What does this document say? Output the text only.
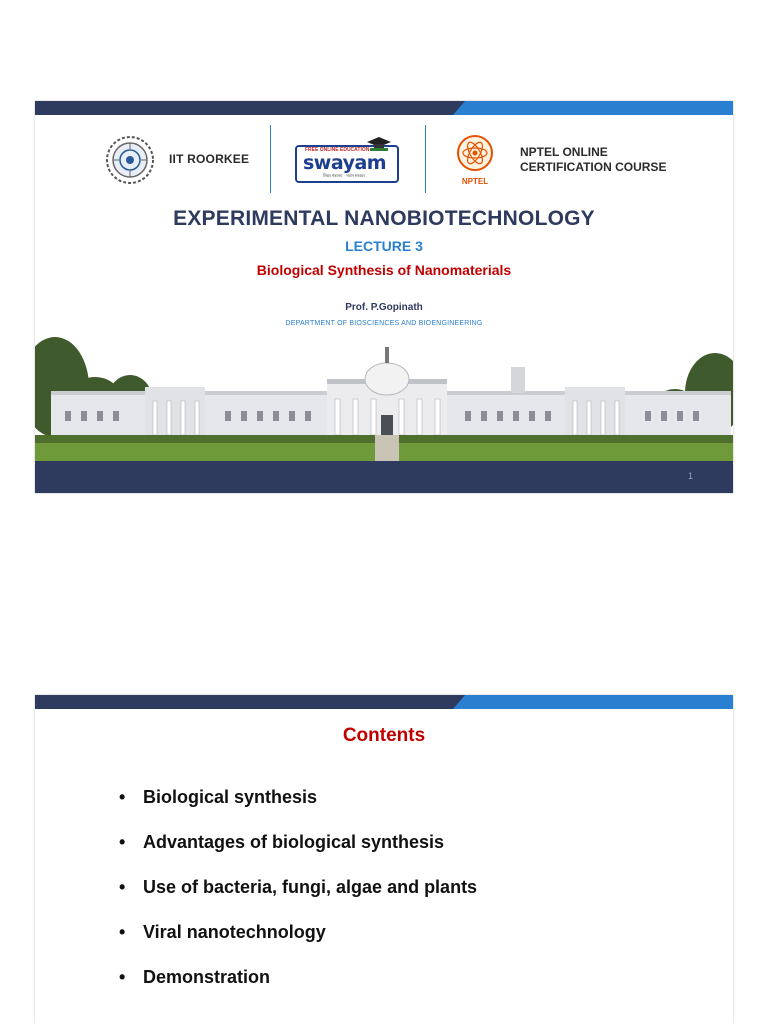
IIT ROORKEE
FREE ONLINE EDUCATION
swayam
शिक्षा मंत्रालय · भारत सरकार
NPTEL
NPTEL ONLINE
CERTIFICATION COURSE
EXPERIMENTAL NANOBIOTECHNOLOGY
LECTURE 3
Biological Synthesis of Nanomaterials
Prof. P.Gopinath
DEPARTMENT OF BIOSCIENCES AND BIOENGINEERING
1
Contents
• Biological synthesis
• Advantages of biological synthesis
• Use of bacteria, fungi, algae and plants
• Viral nanotechnology
• Demonstration
